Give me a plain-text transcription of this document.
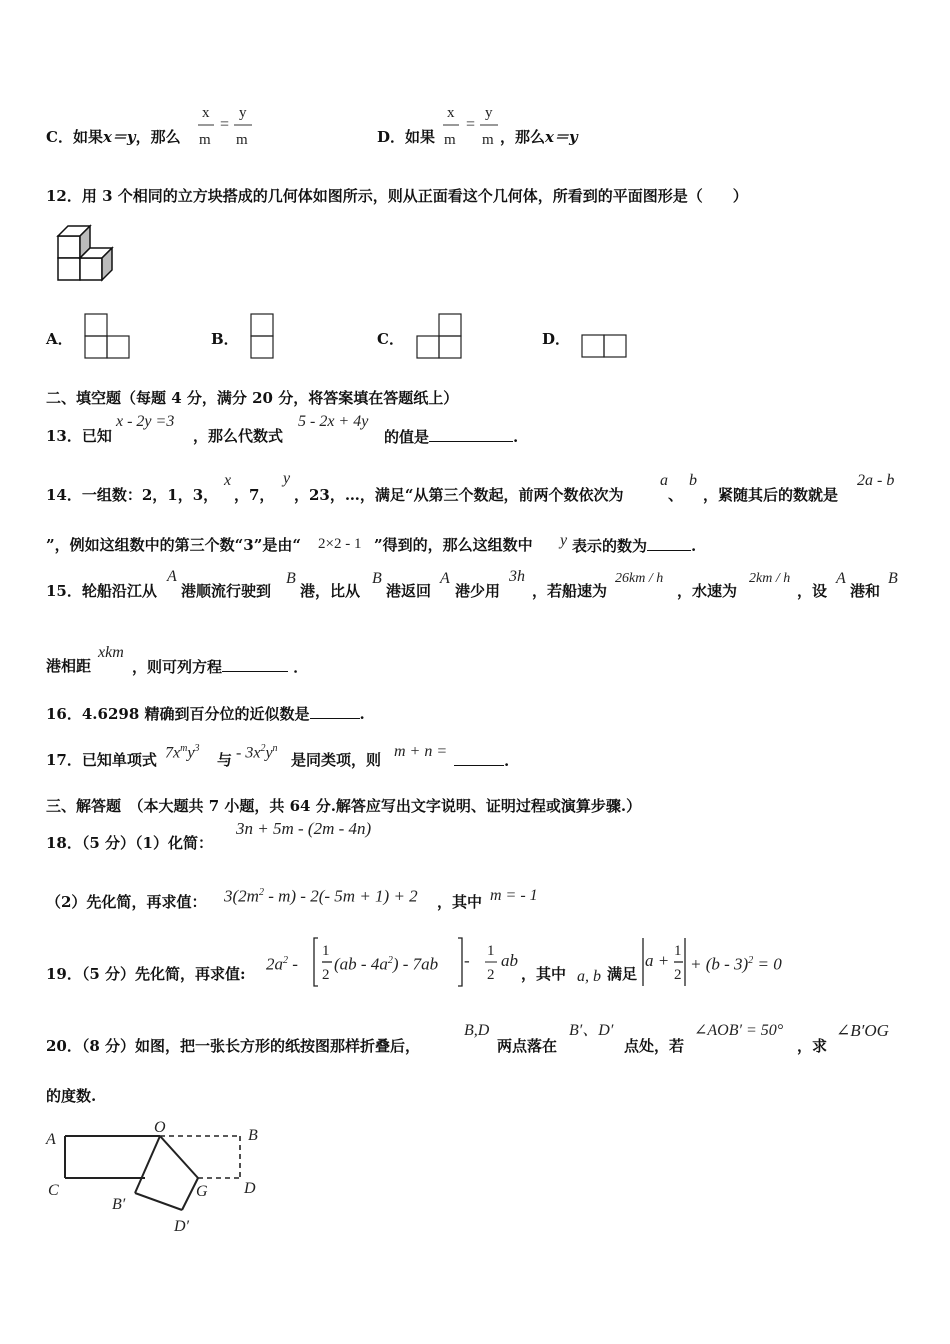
C．如果x＝y，那么
x
m
=
y
m	D．如果
x
m
=
y
m ，那么x＝y
12．用 3 个相同的立方块搭成的几何体如图所示，则从正面看这个几何体，所看到的平面图形是（　　）
A．	B．	C．	D．
二、填空题（每题 4 分，满分 20 分，将答案填在答题纸上）
13．已知
x - 2y =3
，那么代数式
5 - 2x + 4y
的值是	.
14．一组数：2，1，3，
x
，7，
y
，23，…，满足“从第三个数起，前两个数依次为
a
、
b
，紧随其后的数就是
2a - b
”，例如这组数中的第三个数“3”是由“ 2×2 - 1 ”得到的，那么这组数中 y 表示的数为	.
15．轮船沿江从
A
港顺流行驶到
B
港，比从
B
港返回
A
港少用
3h
，若船速为
26km / h
，水速为
2km / h
，设
A
港和
B
港相距
xkm
，则可列方程	．
16．4.6298 精确到百分位的近似数是	.
17．已知单项式 $7x^my^3$
与 - $3x^2y^n$
是同类项，则 m + n =
.
三、解答题　（本大题共 7 小题，共 64 分.解答应写出文字说明、证明过程或演算步骤.）
18．（5 分）（1）化简：
3n + 5m - (2m - 4n)
（2）先化简，再求值： $3(2m^2 - m) - 2(-$ 5m + 1) + 2 ，其中 m = - 1
19．（5 分）先化简，再求值:
$2a^2$ -
1
2
$(ab - 4a^2) - 7ab - 1$
2
ab
，其中 a, b 满足
a + 1
2
+ (b - 3)$^2$ = 0
20．（8 分）如图，把一张长方形的纸按图那样折叠后，
B,D
两点落在
B′、D′
点处，若
∠AOB′ = 50°
，求
∠B′OG
的度数.
A
O	B
C	G D
B′
D′
